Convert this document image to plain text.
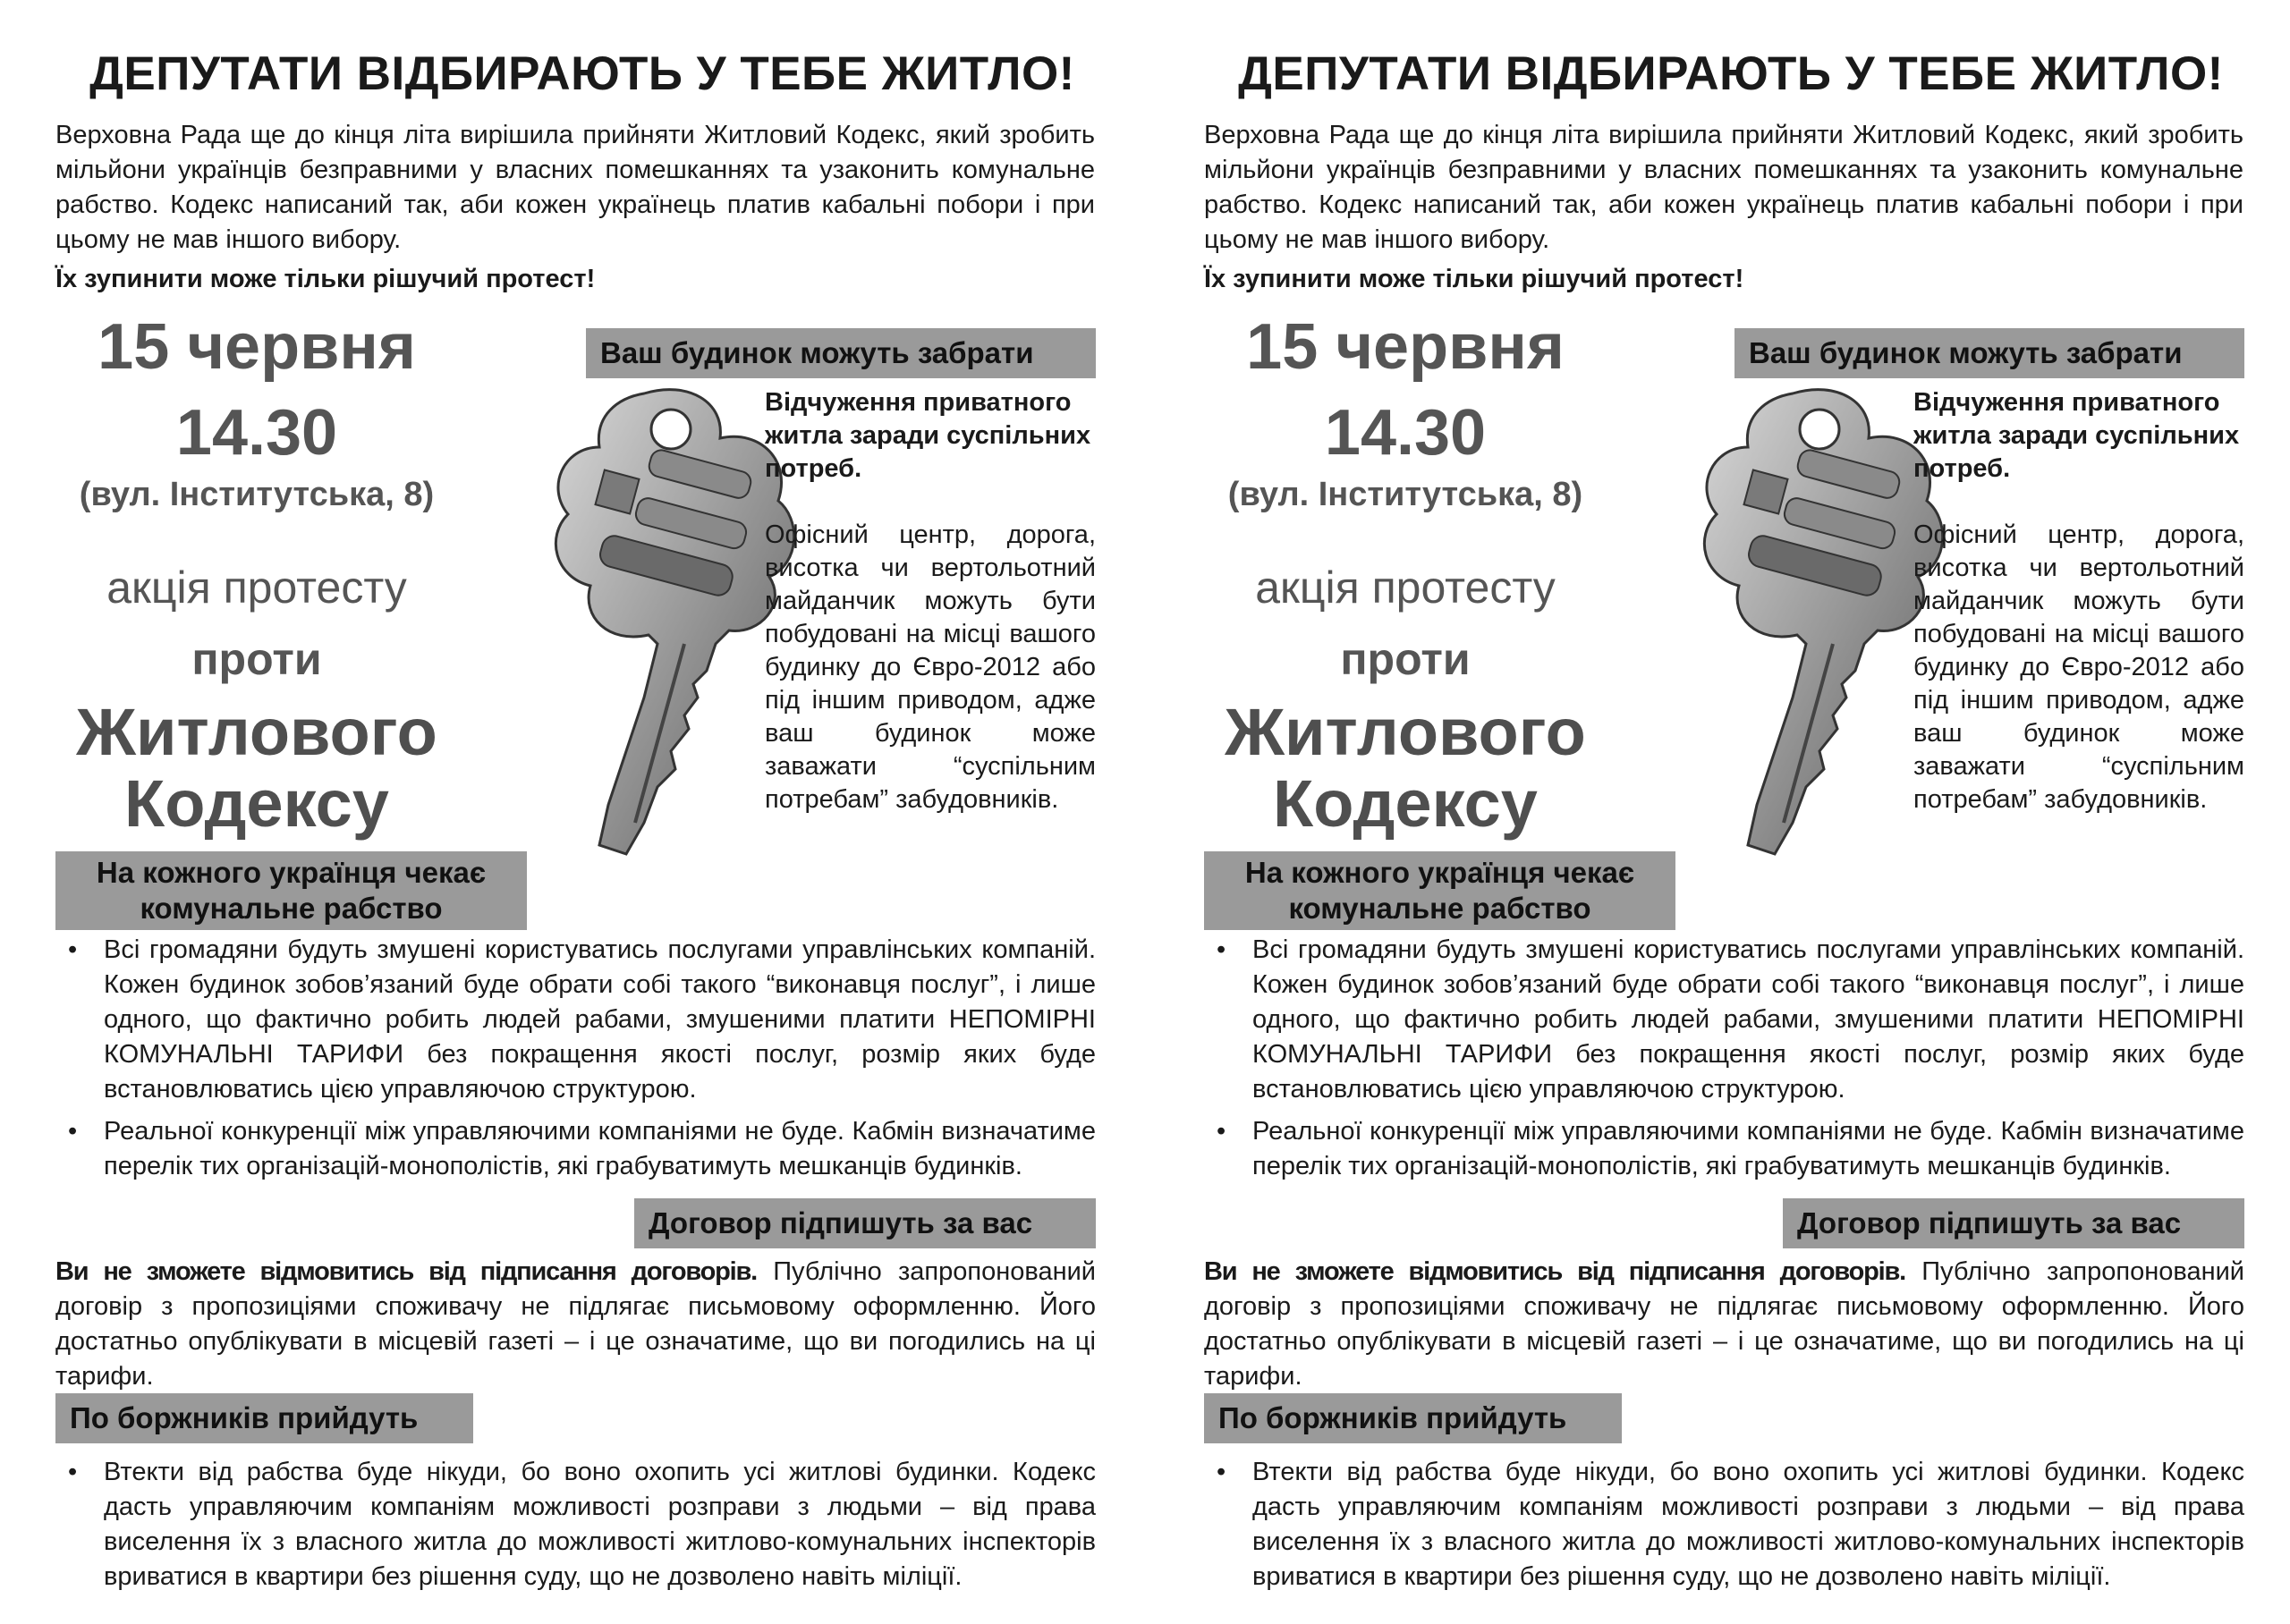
ДЕПУТАТИ ВІДБИРАЮТЬ У ТЕБЕ ЖИТЛО!
Верховна Рада ще до кінця літа вирішила прийняти Житловий Кодекс, який зробить мільйони українців безправними у власних помешканнях та узаконить комунальне рабство. Кодекс написаний так, аби кожен українець платив кабальні побори і при цьому не мав іншого вибору.
Їх зупинити може тільки рішучий протест!
15 червня
14.30
(вул. Інститутська, 8)
акція протесту
проти
Житлового
Кодексу
Ваш будинок можуть забрати
Відчуження приватного житла заради суспільних потреб.
Офісний центр, дорога, висотка чи вертольотний майданчик можуть бути побудовані на місці вашого будинку до Євро-2012 або під іншим приводом, адже ваш будинок може заважати “суспільним потребам” забудовників.
На кожного українця чекає комунальне рабство
• Всі громадяни будуть змушені користуватись послугами управлінських компаній. Кожен будинок зобов’язаний буде обрати собі такого “виконавця послуг”, і лише одного, що фактично робить людей рабами, змушеними платити НЕПОМІРНІ КОМУНАЛЬНІ ТАРИФИ без покращення якості послуг, розмір яких буде встановлюватись цією управляючою структурою.
• Реальної конкуренції між управляючими компаніями не буде. Кабмін визначатиме перелік тих організацій-монополістів, які грабуватимуть мешканців будинків.
Договор підпишуть за вас
Ви не зможете відмовитись від підписання договорів. Публічно запропонований договір з пропозиціями споживачу не підлягає письмовому оформленню. Його достатньо опублікувати в місцевій газеті – і це означатиме, що ви погодились на ці тарифи.
По боржників прийдуть
• Втекти від рабства буде нікуди, бо воно охопить усі житлові будинки. Кодекс дасть управляючим компаніям можливості розправи з людьми – від права виселення їх з власного житла до можливості житлово-комунальних інспекторів вриватися в квартири без рішення суду, що не дозволено навіть міліції.
ДЕПУТАТИ ВІДБИРАЮТЬ У ТЕБЕ ЖИТЛО!
Верховна Рада ще до кінця літа вирішила прийняти Житловий Кодекс, який зробить мільйони українців безправними у власних помешканнях та узаконить комунальне рабство. Кодекс написаний так, аби кожен українець платив кабальні побори і при цьому не мав іншого вибору.
Їх зупинити може тільки рішучий протест!
15 червня
14.30
(вул. Інститутська, 8)
акція протесту
проти
Житлового
Кодексу
Ваш будинок можуть забрати
Відчуження приватного житла заради суспільних потреб.
Офісний центр, дорога, висотка чи вертольотний майданчик можуть бути побудовані на місці вашого будинку до Євро-2012 або під іншим приводом, адже ваш будинок може заважати “суспільним потребам” забудовників.
На кожного українця чекає комунальне рабство
• Всі громадяни будуть змушені користуватись послугами управлінських компаній. Кожен будинок зобов’язаний буде обрати собі такого “виконавця послуг”, і лише одного, що фактично робить людей рабами, змушеними платити НЕПОМІРНІ КОМУНАЛЬНІ ТАРИФИ без покращення якості послуг, розмір яких буде встановлюватись цією управляючою структурою.
• Реальної конкуренції між управляючими компаніями не буде. Кабмін визначатиме перелік тих організацій-монополістів, які грабуватимуть мешканців будинків.
Договор підпишуть за вас
Ви не зможете відмовитись від підписання договорів. Публічно запропонований договір з пропозиціями споживачу не підлягає письмовому оформленню. Його достатньо опублікувати в місцевій газеті – і це означатиме, що ви погодились на ці тарифи.
По боржників прийдуть
• Втекти від рабства буде нікуди, бо воно охопить усі житлові будинки. Кодекс дасть управляючим компаніям можливості розправи з людьми – від права виселення їх з власного житла до можливості житлово-комунальних інспекторів вриватися в квартири без рішення суду, що не дозволено навіть міліції.
